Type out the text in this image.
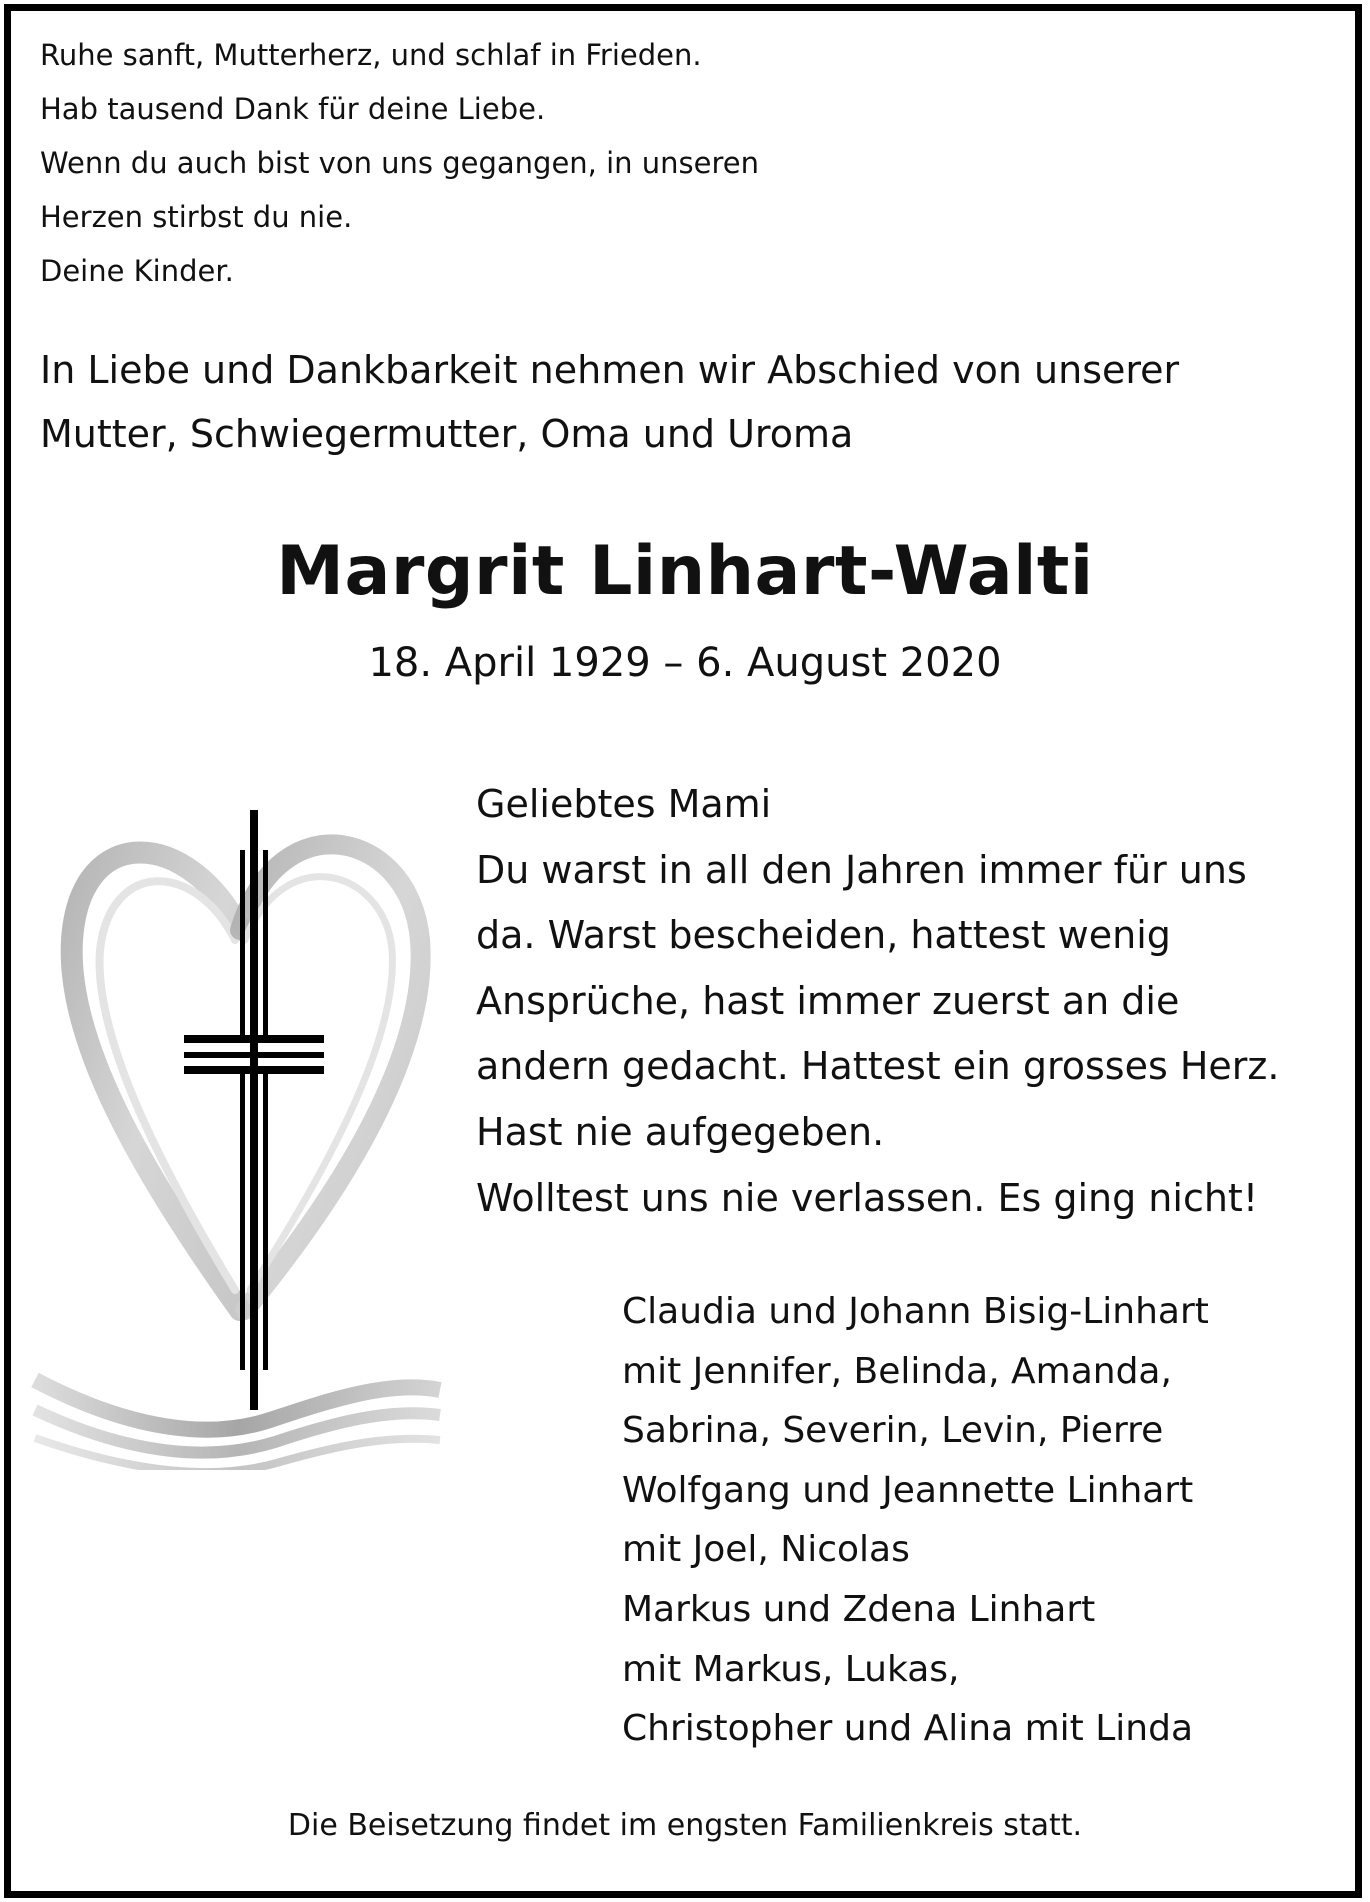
Ruhe sanft, Mutterherz, und schlaf in Frieden.
Hab tausend Dank für deine Liebe.
Wenn du auch bist von uns gegangen, in unseren
Herzen stirbst du nie.
Deine Kinder.
In Liebe und Dankbarkeit nehmen wir Abschied von unserer
Mutter, Schwiegermutter, Oma und Uroma
Margrit Linhart-Walti
18. April 1929 – 6. August 2020
Geliebtes Mami
Du warst in all den Jahren immer für uns
da. Warst bescheiden, hattest wenig
Ansprüche, hast immer zuerst an die
andern gedacht. Hattest ein grosses Herz.
Hast nie aufgegeben.
Wolltest uns nie verlassen. Es ging nicht!
Claudia und Johann Bisig-Linhart
mit Jennifer, Belinda, Amanda,
Sabrina, Severin, Levin, Pierre
Wolfgang und Jeannette Linhart
mit Joel, Nicolas
Markus und Zdena Linhart
mit Markus, Lukas,
Christopher und Alina mit Linda
Die Beisetzung findet im engsten Familienkreis statt.
